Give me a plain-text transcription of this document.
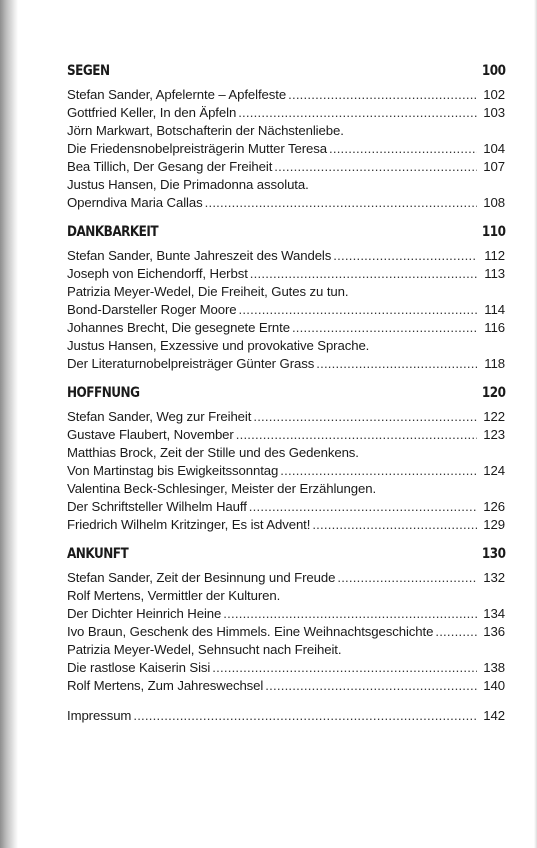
SEGEN	100
Stefan Sander, Apfelernte – Apfelfeste .....	102
Gottfried Keller, In den Äpfeln .....	103
Jörn Markwart, Botschafterin der Nächstenliebe.
Die Friedensnobelpreisträgerin Mutter Teresa .....	104
Bea Tillich, Der Gesang der Freiheit .....	107
Justus Hansen, Die Primadonna assoluta.
Operndiva Maria Callas .....	108
DANKBARKEIT	110
Stefan Sander, Bunte Jahreszeit des Wandels .....	112
Joseph von Eichendorff, Herbst .....	113
Patrizia Meyer-Wedel, Die Freiheit, Gutes zu tun.
Bond-Darsteller Roger Moore .....	114
Johannes Brecht, Die gesegnete Ernte .....	116
Justus Hansen, Exzessive und provokative Sprache.
Der Literaturnobelpreisträger Günter Grass .....	118
HOFFNUNG	120
Stefan Sander, Weg zur Freiheit .....	122
Gustave Flaubert, November .....	123
Matthias Brock, Zeit der Stille und des Gedenkens.
Von Martinstag bis Ewigkeitssonntag .....	124
Valentina Beck-Schlesinger, Meister der Erzählungen.
Der Schriftsteller Wilhelm Hauff .....	126
Friedrich Wilhelm Kritzinger, Es ist Advent! .....	129
ANKUNFT	130
Stefan Sander, Zeit der Besinnung und Freude .....	132
Rolf Mertens, Vermittler der Kulturen.
Der Dichter Heinrich Heine .....	134
Ivo Braun, Geschenk des Himmels. Eine Weihnachtsgeschichte .....	136
Patrizia Meyer-Wedel, Sehnsucht nach Freiheit.
Die rastlose Kaiserin Sisi .....	138
Rolf Mertens, Zum Jahreswechsel .....	140
Impressum .....	142
